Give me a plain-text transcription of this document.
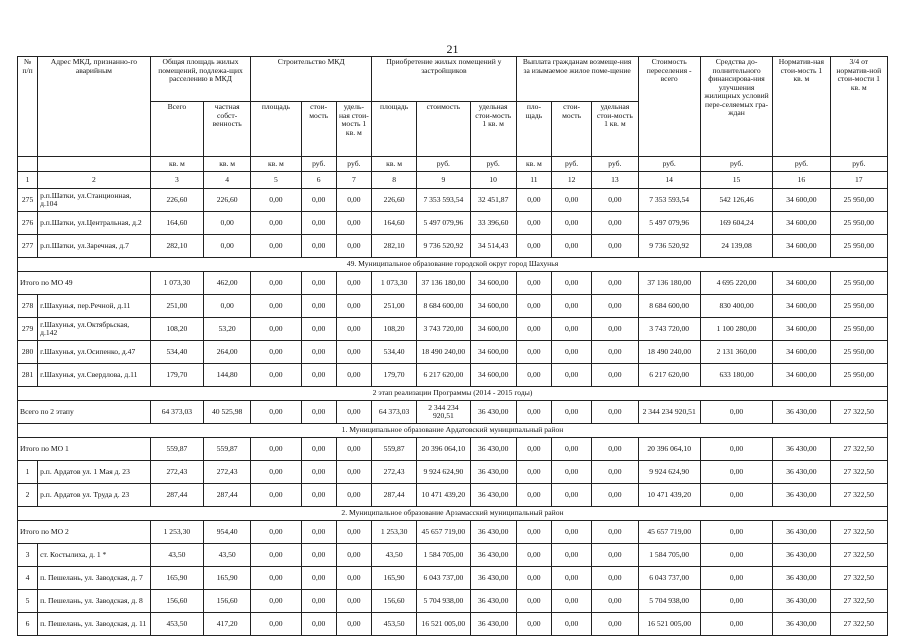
21
№ п/п	Адрес МКД, признанно-го аварийным	Общая площадь жилых помещений, подлежа-щих расселению в МКД		Строительство МКД			Приобретение жилых помещений у застройщиков			Выплата гражданам возмеще-ния за изымаемое жилое поме-щение			Стоимость переселения - всего	Средства до-полнительного финансирова-ния улучшения жилищных условий пере-селяемых гра-ждан	Норматив-ная стои-мость 1 кв. м	3/4 от норматив-ной стои-мости 1 кв. м
		Всего	частная собст-венность	площадь	стои-мость	удель-ная стои-мость 1 кв. м	площадь	стоимость	удельная стои-мость 1 кв. м	пло-щадь	стои-мость	удельная стои-мость 1 кв. м				
		кв. м	кв. м	кв. м	руб.	руб.	кв. м	руб.	руб.	кв. м	руб.	руб.	руб.	руб.	руб.	руб.
1	2	3	4	5	6	7	8	9	10	11	12	13	14	15	16	17
275	р.п.Шатки, ул.Станционная, д.104	226,60	226,60	0,00	0,00	0,00	226,60	7 353 593,54	32 451,87	0,00	0,00	0,00	7 353 593,54	542 126,46	34 600,00	25 950,00
276	р.п.Шатки, ул.Центральная, д.2	164,60	0,00	0,00	0,00	0,00	164,60	5 497 079,96	33 396,60	0,00	0,00	0,00	5 497 079,96	169 604,24	34 600,00	25 950,00
277	р.п.Шатки, ул.Заречная, д.7	282,10	0,00	0,00	0,00	0,00	282,10	9 736 520,92	34 514,43	0,00	0,00	0,00	9 736 520,92	24 139,08	34 600,00	25 950,00
49. Муниципальное образование городской округ город Шахунья																
Итого по МО 49		1 073,30	462,00	0,00	0,00	0,00	1 073,30	37 136 180,00	34 600,00	0,00	0,00	0,00	37 136 180,00	4 695 220,00	34 600,00	25 950,00
278	г.Шахунья, пер.Речной, д.11	251,00	0,00	0,00	0,00	0,00	251,00	8 684 600,00	34 600,00	0,00	0,00	0,00	8 684 600,00	830 400,00	34 600,00	25 950,00
279	г.Шахунья, ул.Октябрьская, д.142	108,20	53,20	0,00	0,00	0,00	108,20	3 743 720,00	34 600,00	0,00	0,00	0,00	3 743 720,00	1 100 280,00	34 600,00	25 950,00
280	г.Шахунья, ул.Осипенко, д.47	534,40	264,00	0,00	0,00	0,00	534,40	18 490 240,00	34 600,00	0,00	0,00	0,00	18 490 240,00	2 131 360,00	34 600,00	25 950,00
281	г.Шахунья, ул.Свердлова, д.11	179,70	144,80	0,00	0,00	0,00	179,70	6 217 620,00	34 600,00	0,00	0,00	0,00	6 217 620,00	633 180,00	34 600,00	25 950,00
2 этап реализации Программы (2014 - 2015 годы)																
Всего по 2 этапу		64 373,03	40 525,98	0,00	0,00	0,00	64 373,03	2 344 234 920,51	36 430,00	0,00	0,00	0,00	2 344 234 920,51	0,00	36 430,00	27 322,50
1. Муниципальное образование Ардатовский муниципальный район																
Итого по МО 1		559,87	559,87	0,00	0,00	0,00	559,87	20 396 064,10	36 430,00	0,00	0,00	0,00	20 396 064,10	0,00	36 430,00	27 322,50
1	р.п. Ардатов ул. 1 Мая д. 23	272,43	272,43	0,00	0,00	0,00	272,43	9 924 624,90	36 430,00	0,00	0,00	0,00	9 924 624,90	0,00	36 430,00	27 322,50
2	р.п. Ардатов ул. Труда д. 23	287,44	287,44	0,00	0,00	0,00	287,44	10 471 439,20	36 430,00	0,00	0,00	0,00	10 471 439,20	0,00	36 430,00	27 322,50
2. Муниципальное образование Арзамасский муниципальный район																
Итого по МО 2		1 253,30	954,40	0,00	0,00	0,00	1 253,30	45 657 719,00	36 430,00	0,00	0,00	0,00	45 657 719,00	0,00	36 430,00	27 322,50
3	ст. Костылиха, д. 1 *	43,50	43,50	0,00	0,00	0,00	43,50	1 584 705,00	36 430,00	0,00	0,00	0,00	1 584 705,00	0,00	36 430,00	27 322,50
4	п. Пешелань, ул. Заводская, д. 7	165,90	165,90	0,00	0,00	0,00	165,90	6 043 737,00	36 430,00	0,00	0,00	0,00	6 043 737,00	0,00	36 430,00	27 322,50
5	п. Пешелань, ул. Заводская, д. 8	156,60	156,60	0,00	0,00	0,00	156,60	5 704 938,00	36 430,00	0,00	0,00	0,00	5 704 938,00	0,00	36 430,00	27 322,50
6	п. Пешелань, ул. Заводская, д. 11	453,50	417,20	0,00	0,00	0,00	453,50	16 521 005,00	36 430,00	0,00	0,00	0,00	16 521 005,00	0,00	36 430,00	27 322,50
